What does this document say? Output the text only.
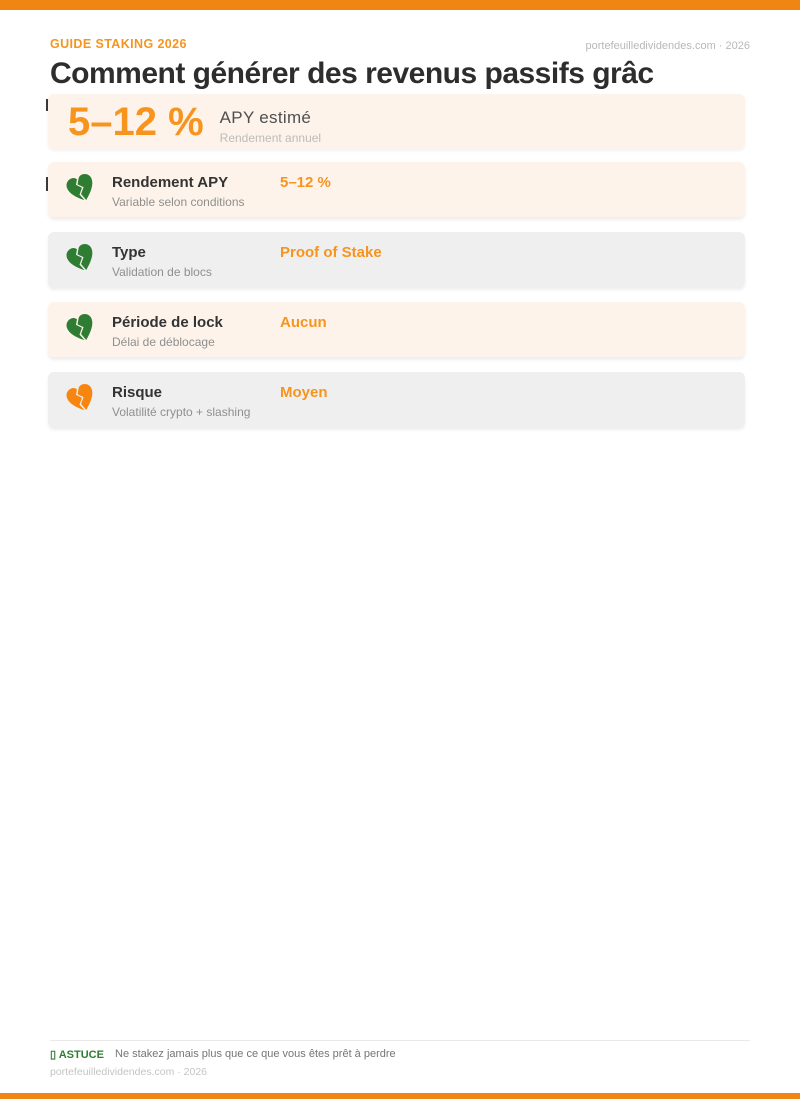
GUIDE STAKING 2026	portefeuilledividendes.com · 2026
Comment générer des revenus passifs grâc
5–12 % APY estimé
Rendement annuel
Rendement APY	5–12 %
Variable selon conditions
Type	Proof of Stake
Validation de blocs
Période de lock	Aucun
Délai de déblocage
Risque	Moyen
Volatilité crypto + slashing
▯ ASTUCE Ne stakez jamais plus que ce que vous êtes prêt à perdre
portefeuilledividendes.com · 2026
